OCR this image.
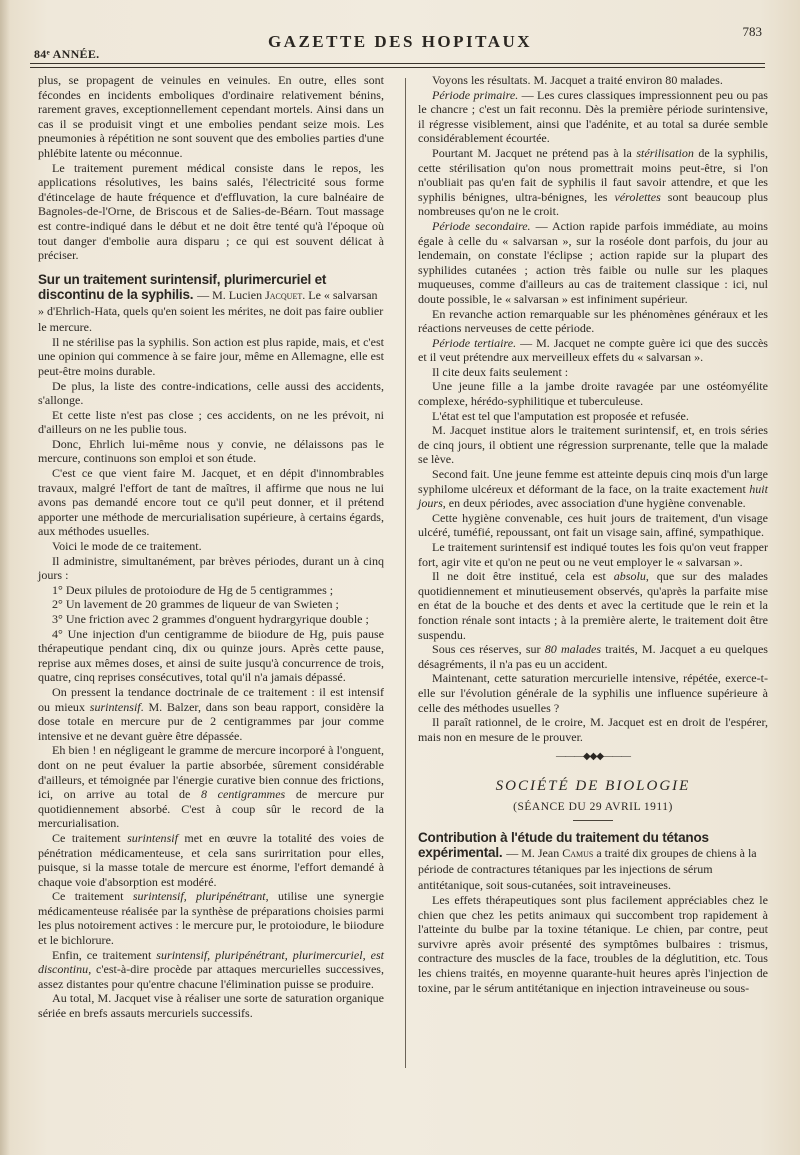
84ᵉ ANNÉE.
GAZETTE DES HOPITAUX
783

plus, se propagent de veinules en veinules. En outre, elles sont fécondes en incidents emboliques d'ordinaire relativement bénins, rarement graves, exceptionnellement cependant mortels. Ainsi dans un cas il se produisit vingt et une embolies pendant seize mois. Les pneumonies à répétition ne sont souvent que des embolies parties d'une phlébite latente ou méconnue.

Le traitement purement médical consiste dans le repos, les applications résolutives, les bains salés, l'électricité sous forme d'étincelage de haute fréquence et d'effluvation, la cure balnéaire de Bagnoles-de-l'Orne, de Briscous et de Salies-de-Béarn. Tout massage est contre-indiqué dans le début et ne doit être tenté qu'à l'époque où tout danger d'embolie aura disparu ; ce qui est souvent délicat à préciser.

Sur un traitement surintensif, plurimercuriel et discontinu de la syphilis. — M. Lucien Jacquet. Le « salvarsan » d'Ehrlich-Hata, quels qu'en soient les mérites, ne doit pas faire oublier le mercure.

Il ne stérilise pas la syphilis. Son action est plus rapide, mais, et c'est une opinion qui commence à se faire jour, même en Allemagne, elle est peut-être moins durable.

De plus, la liste des contre-indications, celle aussi des accidents, s'allonge.

Et cette liste n'est pas close ; ces accidents, on ne les prévoit, ni d'ailleurs on ne les publie tous.

Donc, Ehrlich lui-même nous y convie, ne délaissons pas le mercure, continuons son emploi et son étude.

C'est ce que vient faire M. Jacquet, et en dépit d'innombrables travaux, malgré l'effort de tant de maîtres, il affirme que nous ne lui avons pas demandé encore tout ce qu'il peut donner, et il prétend apporter une méthode de mercurialisation supérieure, à certains égards, aux méthodes usuelles.

Voici le mode de ce traitement.

Il administre, simultanément, par brèves périodes, durant un à cinq jours :

1° Deux pilules de protoiodure de Hg de 5 centigrammes ;

2° Un lavement de 20 grammes de liqueur de van Swieten ;

3° Une friction avec 2 grammes d'onguent hydrargyrique double ;

4° Une injection d'un centigramme de biiodure de Hg, puis pause thérapeutique pendant cinq, dix ou quinze jours. Après cette pause, reprise aux mêmes doses, et ainsi de suite jusqu'à concurrence de trois, quatre, cinq reprises consécutives, total qu'il n'a jamais dépassé.

On pressent la tendance doctrinale de ce traitement : il est intensif ou mieux surintensif. M. Balzer, dans son beau rapport, considère la dose totale en mercure pur de 2 centigrammes par jour comme intensive et ne devant guère être dépassée.

Eh bien ! en négligeant le gramme de mercure incorporé à l'onguent, dont on ne peut évaluer la partie absorbée, sûrement considérable d'ailleurs, et témoignée par l'énergie curative bien connue des frictions, ici, on arrive au total de 8 centigrammes de mercure pur quotidiennement absorbé. C'est à coup sûr le record de la mercurialisation.

Ce traitement surintensif met en œuvre la totalité des voies de pénétration médicamenteuse, et cela sans surirritation pour elles, puisque, si la masse totale de mercure est énorme, l'effort demandé à chaque voie d'absorption est modéré.

Ce traitement surintensif, pluripénétrant, utilise une synergie médicamenteuse réalisée par la synthèse de préparations choisies parmi les plus notoirement actives : le mercure pur, le protoiodure, le biiodure et le bichlorure.

Enfin, ce traitement surintensif, pluripénétrant, plurimercuriel, est discontinu, c'est-à-dire procède par attaques mercurielles successives, assez distantes pour qu'entre chacune l'élimination puisse se produire.

Au total, M. Jacquet vise à réaliser une sorte de saturation organique sériée en brefs assauts mercuriels successifs.

Voyons les résultats. M. Jacquet a traité environ 80 malades.

Période primaire. — Les cures classiques impressionnent peu ou pas le chancre ; c'est un fait reconnu. Dès la première période surintensive, il régresse visiblement, ainsi que l'adénite, et au total sa durée semble considérablement écourtée.

Pourtant M. Jacquet ne prétend pas à la stérilisation de la syphilis, cette stérilisation qu'on nous promettrait moins peut-être, si l'on n'oubliait pas qu'en fait de syphilis il faut savoir attendre, et que les syphilis bénignes, ultra-bénignes, les vérolettes sont beaucoup plus nombreuses qu'on ne le croit.

Période secondaire. — Action rapide parfois immédiate, au moins égale à celle du « salvarsan », sur la roséole dont parfois, du jour au lendemain, on constate l'éclipse ; action rapide sur la plupart des syphilides cutanées ; action très faible ou nulle sur les plaques muqueuses, comme d'ailleurs au cas de traitement classique : ici, nul doute possible, le « salvarsan » est infiniment supérieur.

En revanche action remarquable sur les phénomènes généraux et les réactions nerveuses de cette période.

Période tertiaire. — M. Jacquet ne compte guère ici que des succès et il veut prétendre aux merveilleux effets du « salvarsan ».

Il cite deux faits seulement :

Une jeune fille a la jambe droite ravagée par une ostéomyélite complexe, hérédo-syphilitique et tuberculeuse.

L'état est tel que l'amputation est proposée et refusée.

M. Jacquet institue alors le traitement surintensif, et, en trois séries de cinq jours, il obtient une régression surprenante, telle que la malade se lève.

Second fait. Une jeune femme est atteinte depuis cinq mois d'un large syphilome ulcéreux et déformant de la face, on la traite exactement huit jours, en deux périodes, avec association d'une hygiène convenable.

Cette hygiène convenable, ces huit jours de traitement, d'un visage ulcéré, tuméfié, repoussant, ont fait un visage sain, affiné, sympathique.

Le traitement surintensif est indiqué toutes les fois qu'on veut frapper fort, agir vite et qu'on ne peut ou ne veut employer le « salvarsan ».

Il ne doit être institué, cela est absolu, que sur des malades quotidiennement et minutieusement observés, qu'après la parfaite mise en état de la bouche et des dents et avec la certitude que le rein et la fonction rénale sont intacts ; à la première alerte, le traitement doit être suspendu.

Sous ces réserves, sur 80 malades traités, M. Jacquet a eu quelques désagréments, il n'a pas eu un accident.

Maintenant, cette saturation mercurielle intensive, répétée, exerce-t-elle sur l'évolution générale de la syphilis une influence supérieure à celle des méthodes usuelles ?

Il paraît rationnel, de le croire, M. Jacquet est en droit de l'espérer, mais non en mesure de le prouver.

———◆◆◆———
SOCIÉTÉ DE BIOLOGIE
(SÉANCE DU 29 AVRIL 1911)
Contribution à l'étude du traitement du tétanos expérimental. — M. Jean Camus a traité dix groupes de chiens à la période de contractures tétaniques par les injections de sérum antitétanique, soit sous-cutanées, soit intraveineuses.

Les effets thérapeutiques sont plus facilement appréciables chez le chien que chez les petits animaux qui succombent trop rapidement à l'atteinte du bulbe par la toxine tétanique. Le chien, par contre, peut survivre après avoir présenté des symptômes bulbaires : trismus, contracture des muscles de la face, troubles de la déglutition, etc. Tous les chiens traités, en moyenne quarante-huit heures après l'injection de toxine, par le sérum antitétanique en injection intraveineuse ou sous-
